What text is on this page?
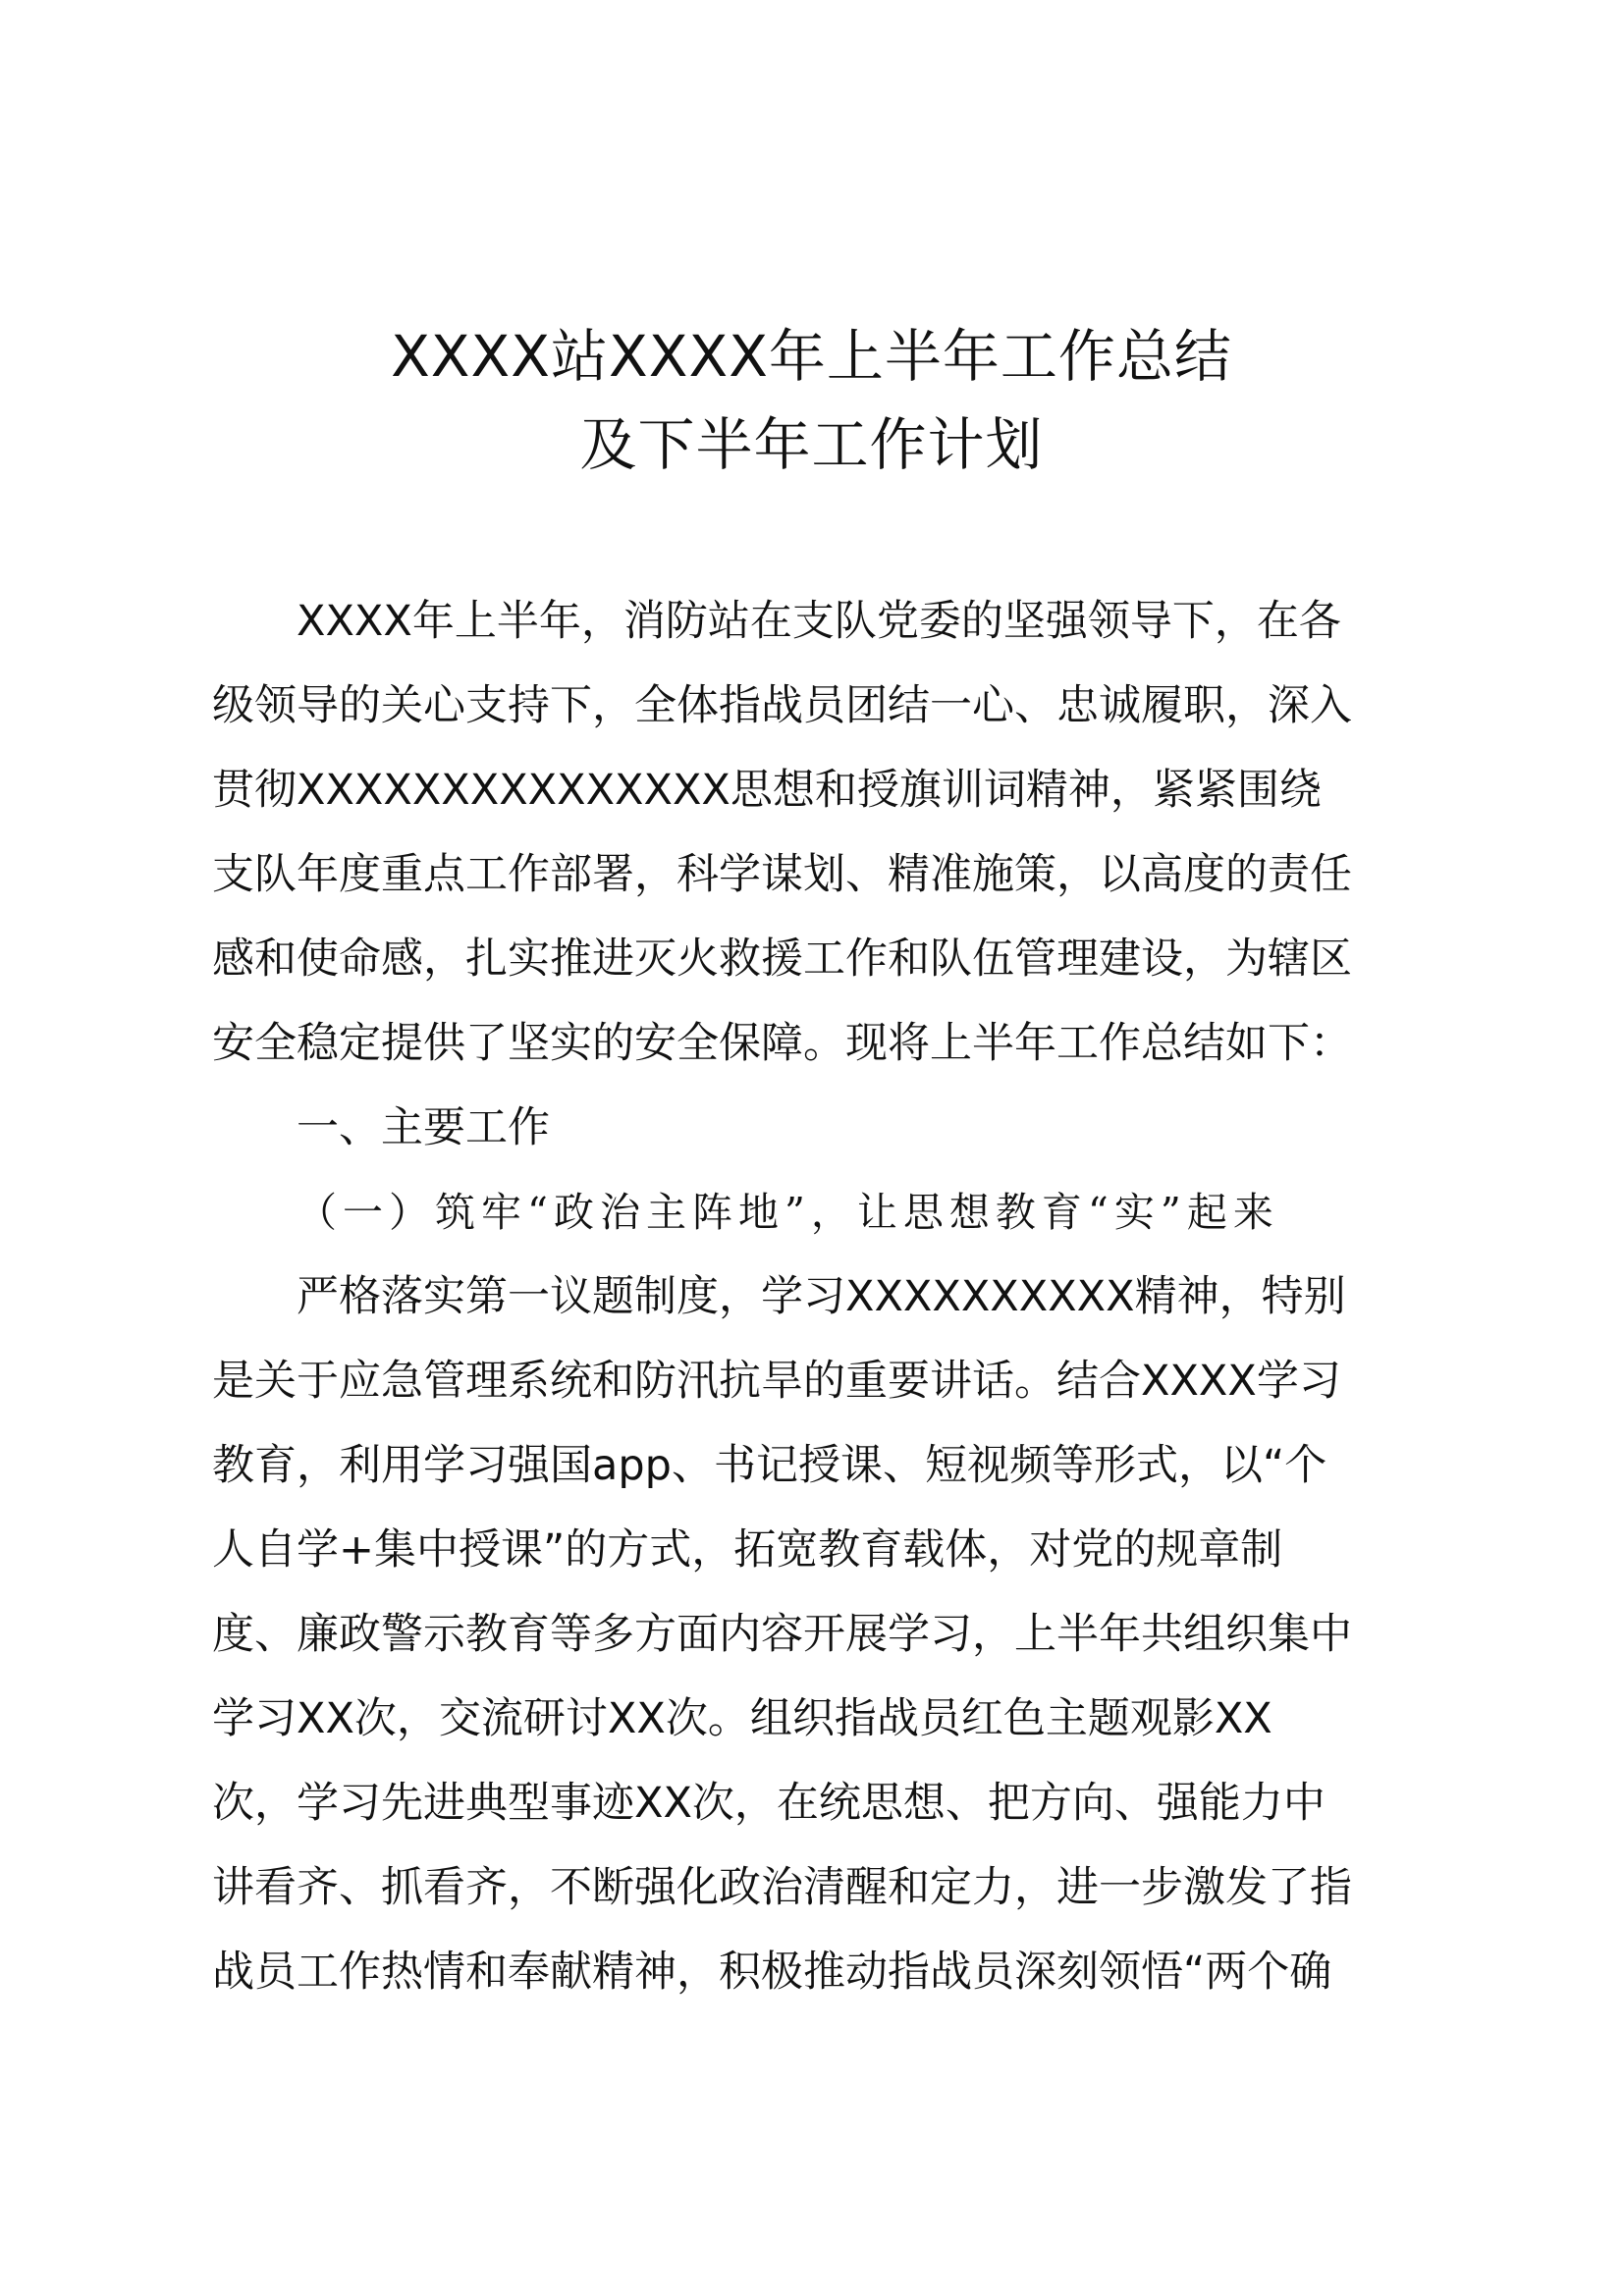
XXXX站XXXX年上半年工作总结
及下半年工作计划
XXXX年上半年，消防站在支队党委的坚强领导下，在各
级领导的关心支持下，全体指战员团结一心、忠诚履职，深入
贯彻XXXXXXXXXXXXXXX思想和授旗训词精神，紧紧围绕
支队年度重点工作部署，科学谋划、精准施策，以高度的责任
感和使命感，扎实推进灭火救援工作和队伍管理建设，为辖区
安全稳定提供了坚实的安全保障。现将上半年工作总结如下：
一、主要工作
（一）筑牢“政治主阵地”，让思想教育“实”起来
严格落实第一议题制度，学习XXXXXXXXXX精神，特别
是关于应急管理系统和防汛抗旱的重要讲话。结合XXXX学习
教育，利用学习强国app、书记授课、短视频等形式，以“个
人自学+集中授课”的方式，拓宽教育载体，对党的规章制
度、廉政警示教育等多方面内容开展学习，上半年共组织集中
学习XX次，交流研讨XX次。组织指战员红色主题观影XX
次，学习先进典型事迹XX次，在统思想、把方向、强能力中
讲看齐、抓看齐，不断强化政治清醒和定力，进一步激发了指
战员工作热情和奉献精神，积极推动指战员深刻领悟“两个确
